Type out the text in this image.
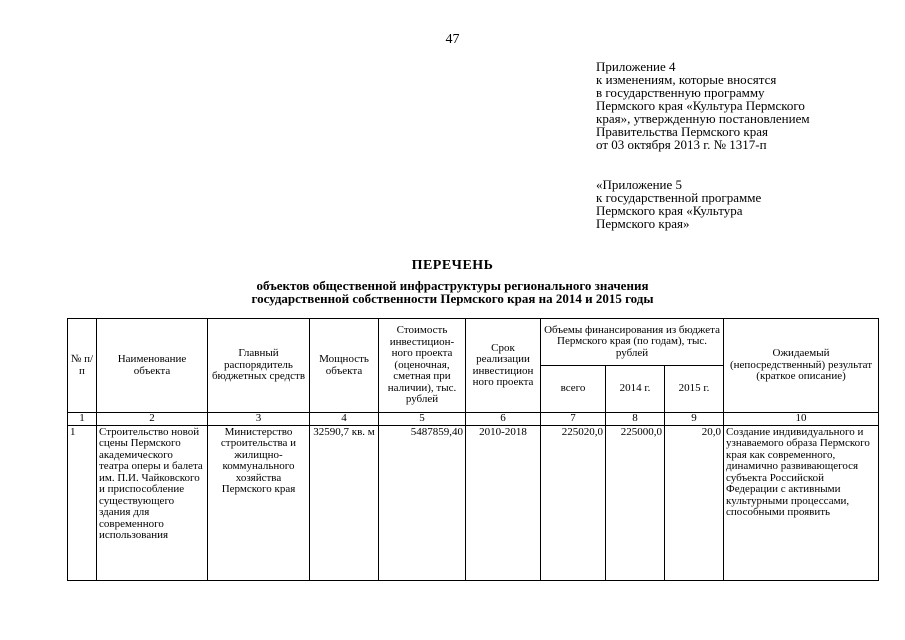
47
Приложение 4
к изменениям, которые вносятся
в государственную программу
Пермского края «Культура Пермского
края», утвержденную постановлением
Правительства Пермского края
от 03 октября 2013 г. № 1317-п
«Приложение 5
к государственной программе
Пермского края «Культура
Пермского края»
ПЕРЕЧЕНЬ
объектов общественной инфраструктуры регионального значения
государственной собственности Пермского края на 2014 и 2015 годы
№ п/п	Наименование объекта	Главный распорядитель бюджетных средств	Мощность объекта	Стоимость инвестицион-ного проекта (оценочная, сметная при наличии), тыс. рублей	Срок реализации инвестицион ного проекта	Объемы финансирования из бюджета Пермского края (по годам), тыс. рублей			Ожидаемый (непосредственный) результат (краткое описание)
						всего	2014 г.	2015 г.	
1	2	3	4	5	6	7	8	9	10
1	Строительство новой сцены Пермского академического театра оперы и балета им. П.И. Чайковского и приспособление существующего здания для современного использования	Министерство строительства и жилищно-коммунального хозяйства Пермского края	32590,7 кв. м	5487859,40	2010-2018	225020,0	225000,0	20,0	Создание индивидуального и узнаваемого образа Пермского края как современного, динамично развивающегося субъекта Российской Федерации с активными культурными процессами, способными проявить
